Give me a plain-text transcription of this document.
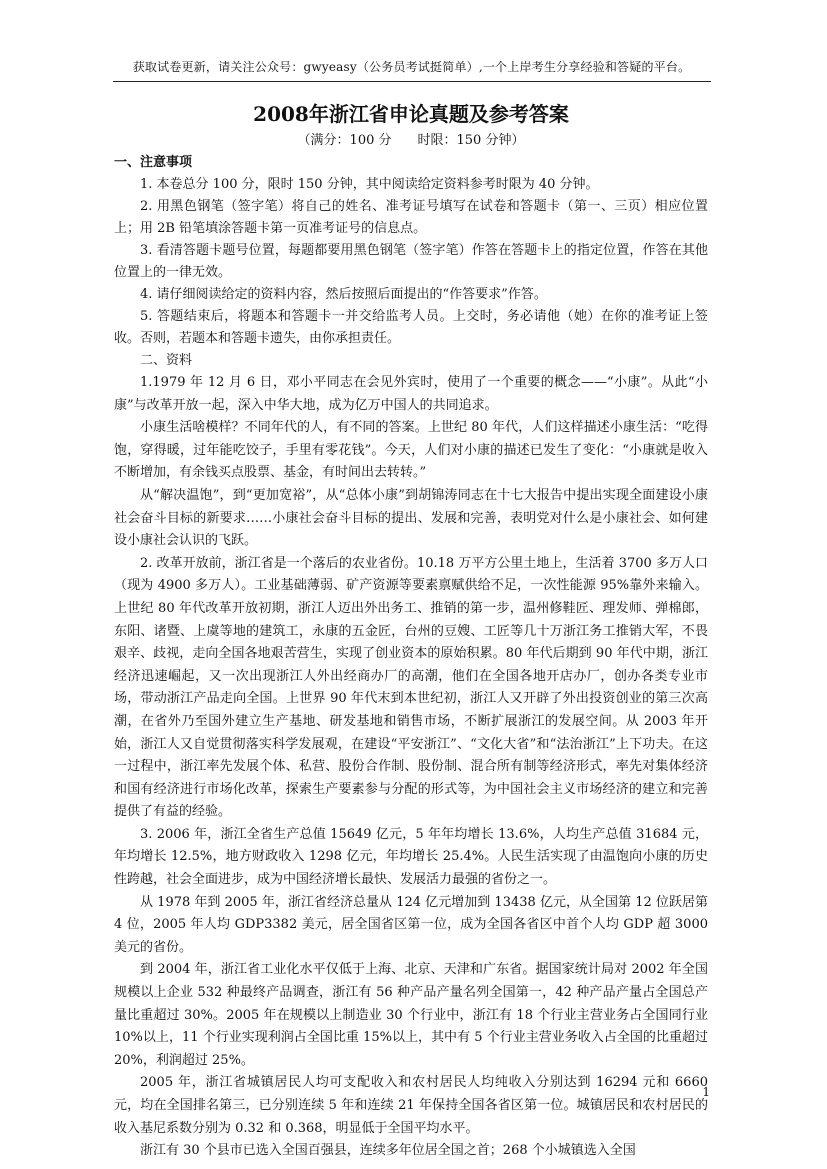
获取试卷更新，请关注公众号：gwyeasy（公务员考试挺简单）,一个上岸考生分享经验和答疑的平台。
2008年浙江省申论真题及参考答案
（满分：100 分　　时限：150 分钟）
一、注意事项

1. 本卷总分 100 分，限时 150 分钟，其中阅读给定资料参考时限为 40 分钟。

2. 用黑色钢笔（签字笔）将自己的姓名、准考证号填写在试卷和答题卡（第一、三页）相应位置上；用 2B 铅笔填涂答题卡第一页准考证号的信息点。

3. 看清答题卡题号位置，每题都要用黑色钢笔（签字笔）作答在答题卡上的指定位置，作答在其他位置上的一律无效。

4. 请仔细阅读给定的资料内容，然后按照后面提出的“作答要求”作答。

5. 答题结束后，将题本和答题卡一并交给监考人员。上交时，务必请他（她）在你的准考证上签收。否则，若题本和答题卡遗失，由你承担责任。

二、资料

1.1979 年 12 月 6 日，邓小平同志在会见外宾时，使用了一个重要的概念——“小康”。从此“小康”与改革开放一起，深入中华大地，成为亿万中国人的共同追求。

小康生活啥模样？不同年代的人，有不同的答案。上世纪 80 年代，人们这样描述小康生活：“吃得饱，穿得暖，过年能吃饺子，手里有零花钱”。今天，人们对小康的描述已发生了变化：“小康就是收入不断增加，有余钱买点股票、基金，有时间出去转转。”

从“解决温饱”，到“更加宽裕”，从“总体小康”到胡锦涛同志在十七大报告中提出实现全面建设小康社会奋斗目标的新要求……小康社会奋斗目标的提出、发展和完善，表明党对什么是小康社会、如何建设小康社会认识的飞跃。

2. 改革开放前，浙江省是一个落后的农业省份。10.18 万平方公里土地上，生活着 3700 多万人口（现为 4900 多万人）。工业基础薄弱、矿产资源等要素禀赋供给不足，一次性能源 95%靠外来输入。上世纪 80 年代改革开放初期，浙江人迈出外出务工、推销的第一步，温州修鞋匠、理发师、弹棉郎，东阳、诸暨、上虞等地的建筑工，永康的五金匠，台州的豆嫂、工匠等几十万浙江务工推销大军，不畏艰辛、歧视，走向全国各地艰苦营生，实现了创业资本的原始积累。80 年代后期到 90 年代中期，浙江经济迅速崛起，又一次出现浙江人外出经商办厂的高潮，他们在全国各地开店办厂，创办各类专业市场，带动浙江产品走向全国。上世界 90 年代末到本世纪初，浙江人又开辟了外出投资创业的第三次高潮，在省外乃至国外建立生产基地、研发基地和销售市场，不断扩展浙江的发展空间。从 2003 年开始，浙江人又自觉贯彻落实科学发展观，在建设“平安浙江”、“文化大省”和“法治浙江”上下功夫。在这一过程中，浙江率先发展个体、私营、股份合作制、股份制、混合所有制等经济形式，率先对集体经济和国有经济进行市场化改革，探索生产要素参与分配的形式等，为中国社会主义市场经济的建立和完善提供了有益的经验。

3. 2006 年，浙江全省生产总值 15649 亿元，5 年年均增长 13.6%，人均生产总值 31684 元，年均增长 12.5%，地方财政收入 1298 亿元，年均增长 25.4%。人民生活实现了由温饱向小康的历史性跨越，社会全面进步，成为中国经济增长最快、发展活力最强的省份之一。

从 1978 年到 2005 年，浙江省经济总量从 124 亿元增加到 13438 亿元，从全国第 12 位跃居第 4 位，2005 年人均 GDP3382 美元，居全国省区第一位，成为全国各省区中首个人均 GDP 超 3000 美元的省份。

到 2004 年，浙江省工业化水平仅低于上海、北京、天津和广东省。据国家统计局对 2002 年全国规模以上企业 532 种最终产品调查，浙江有 56 种产品产量名列全国第一，42 种产品产量占全国总产量比重超过 30%。2005 年在规模以上制造业 30 个行业中，浙江有 18 个行业主营业务占全国同行业 10%以上，11 个行业实现利润占全国比重 15%以上，其中有 5 个行业主营业务收入占全国的比重超过 20%，利润超过 25%。

2005 年，浙江省城镇居民人均可支配收入和农村居民人均纯收入分别达到 16294 元和 6660 元，均在全国排名第三，已分别连续 5 年和连续 21 年保持全国各省区第一位。城镇居民和农村居民的收入基尼系数分别为 0.32 和 0.368，明显低于全国平均水平。

浙江有 30 个县市已选入全国百强县，连续多年位居全国之首；268 个小城镇选入全国

1
